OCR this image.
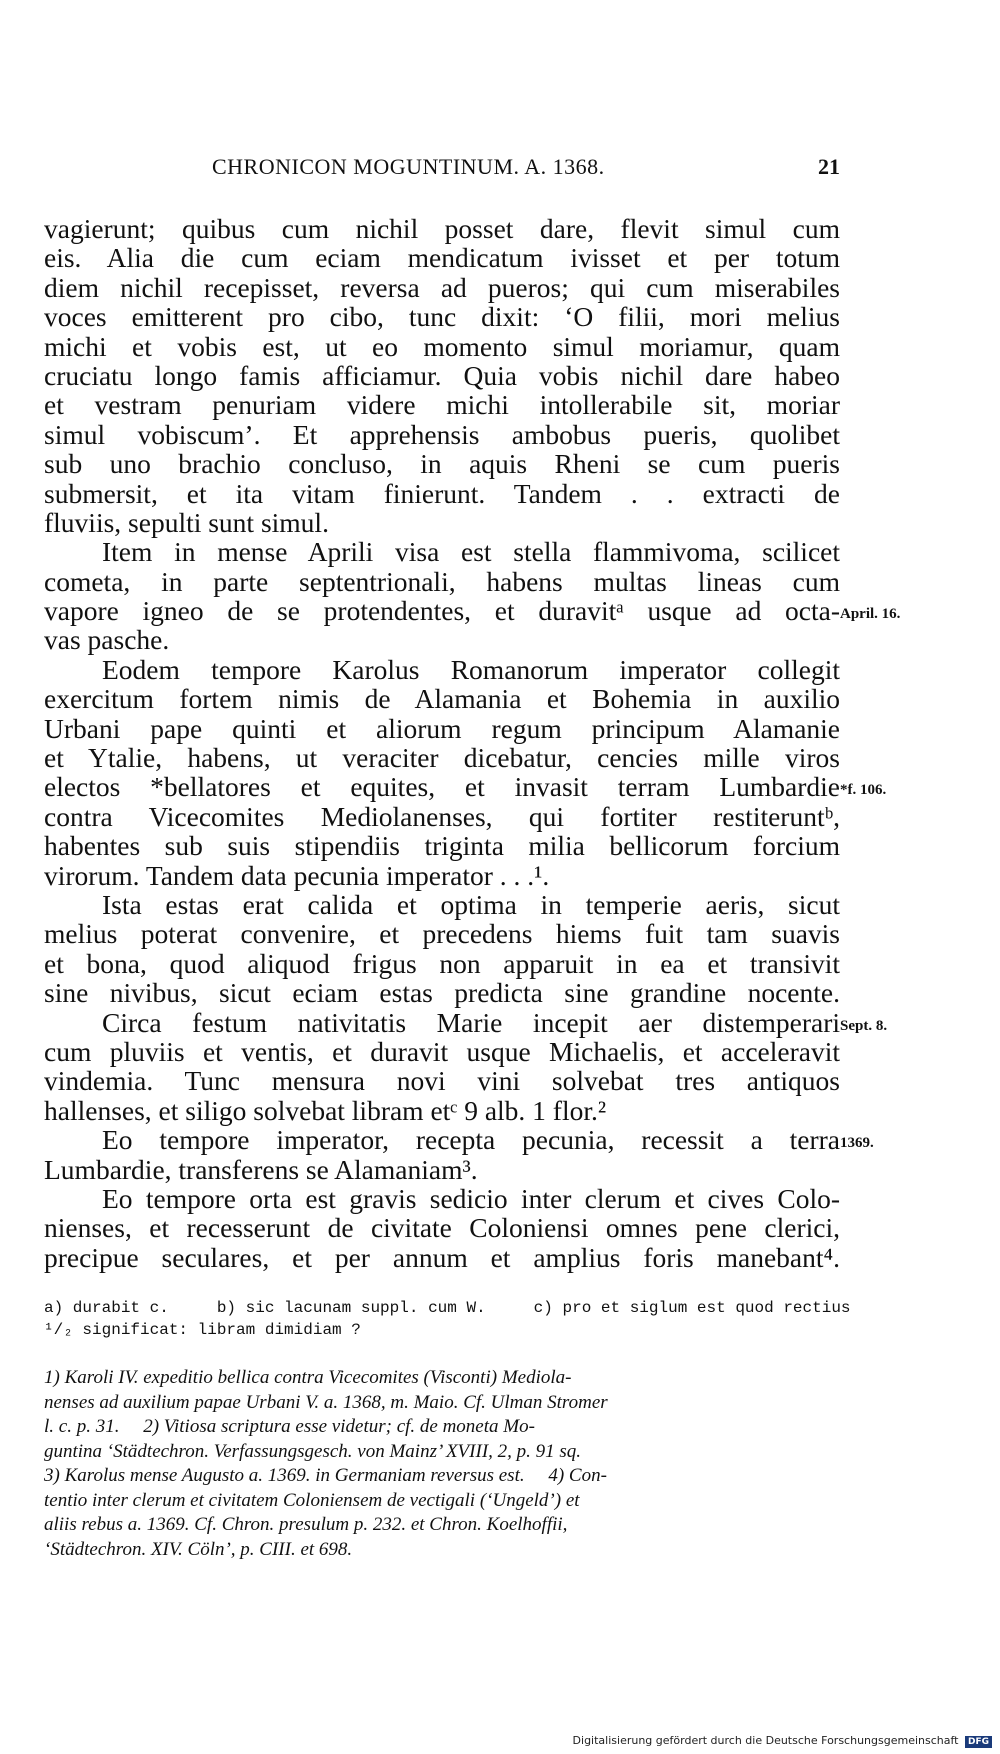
CHRONICON MOGUNTINUM. A. 1368.	21
vagierunt; quibus cum nichil posset dare, flevit simul cum
eis. Alia die cum eciam mendicatum ivisset et per totum
diem nichil recepisset, reversa ad pueros; qui cum miserabiles
voces emitterent pro cibo, tunc dixit: ‘O filii, mori melius
michi et vobis est, ut eo momento simul moriamur, quam
cruciatu longo famis afficiamur. Quia vobis nichil dare habeo
et vestram penuriam videre michi intollerabile sit, moriar
simul vobiscum’. Et apprehensis ambobus pueris, quolibet
sub uno brachio concluso, in aquis Rheni se cum pueris
submersit, et ita vitam finierunt. Tandem . . extracti de
fluviis, sepulti sunt simul.
Item in mense Aprili visa est stella flammivoma, scilicet
cometa, in parte septentrionali, habens multas lineas cum
vapore igneo de se protendentes, et duravitᵃ usque ad octa- April. 16.
vas pasche.
Eodem tempore Karolus Romanorum imperator collegit
exercitum fortem nimis de Alamania et Bohemia in auxilio
Urbani pape quinti et aliorum regum principum Alamanie
et Ytalie, habens, ut veraciter dicebatur, cencies mille viros
electos *bellatores et equites, et invasit terram Lumbardie *f. 106.
contra Vicecomites Mediolanenses, qui fortiter restiteruntᵇ,
habentes sub suis stipendiis triginta milia bellicorum forcium
virorum. Tandem data pecunia imperator . . .¹.
Ista estas erat calida et optima in temperie aeris, sicut
melius poterat convenire, et precedens hiems fuit tam suavis
et bona, quod aliquod frigus non apparuit in ea et transivit
sine nivibus, sicut eciam estas predicta sine grandine nocente.
Circa festum nativitatis Marie incepit aer distemperari Sept. 8.
cum pluviis et ventis, et duravit usque Michaelis, et acceleravit
vindemia. Tunc mensura novi vini solvebat tres antiquos
hallenses, et siligo solvebat libram etᶜ 9 alb. 1 flor.²
Eo tempore imperator, recepta pecunia, recessit a terra 1369.
Lumbardie, transferens se Alamaniam³.
Eo tempore orta est gravis sedicio inter clerum et cives Colo-
nienses, et recesserunt de civitate Coloniensi omnes pene clerici,
precipue seculares, et per annum et amplius foris manebant⁴.
a) durabit c.     b) sic lacunam suppl. cum W.     c) pro et siglum est quod rectius
¹/₂ significat: libram dimidiam ?
1) Karoli IV. expeditio bellica contra Vicecomites (Visconti) Mediola-
nenses ad auxilium papae Urbani V. a. 1368, m. Maio. Cf. Ulman Stromer
l. c. p. 31.     2) Vitiosa scriptura esse videtur; cf. de moneta Mo-
guntina ‘Städtechron. Verfassungsgesch. von Mainz’ XVIII, 2, p. 91 sq.
3) Karolus mense Augusto a. 1369. in Germaniam reversus est.     4) Con-
tentio inter clerum et civitatem Coloniensem de vectigali (‘Ungeld’) et
aliis rebus a. 1369. Cf. Chron. presulum p. 232. et Chron. Koelhoffii,
‘Städtechron. XIV. Cöln’, p. CIII. et 698.
Digitalisierung gefördert durch die Deutsche Forschungsgemeinschaft DFG
